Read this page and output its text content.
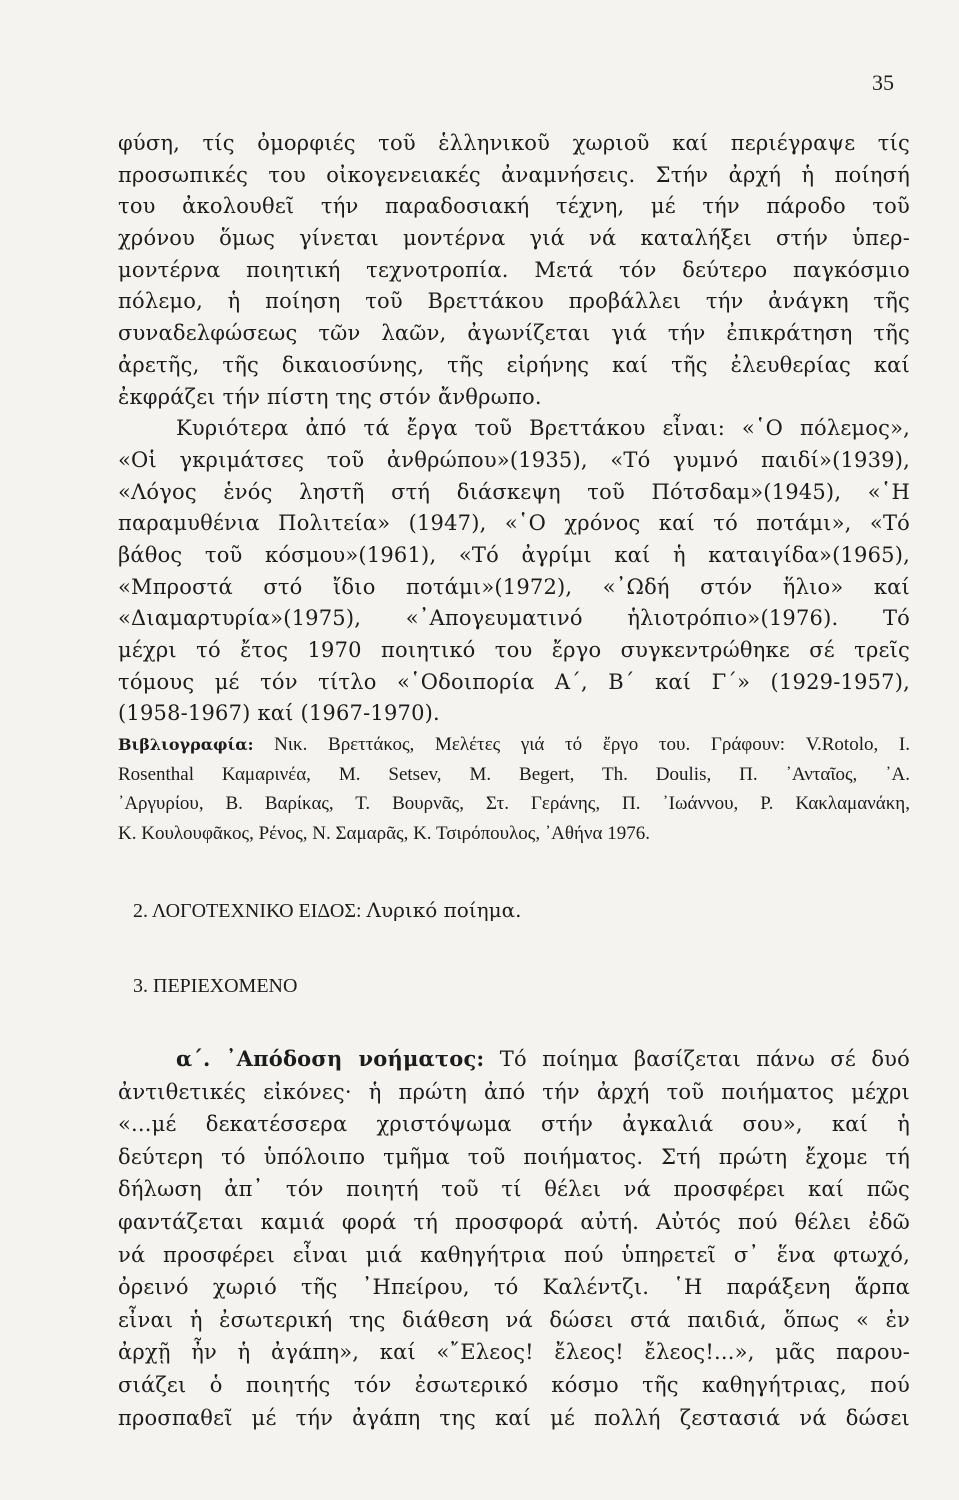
35
φύση, τίς ὀμορφιές τοῦ ἑλληνικοῦ χωριοῦ καί περιέγραψε τίς
προσωπικές του οἰκογενειακές ἀναμνήσεις. Στήν ἀρχή ἡ ποίησή
του ἀκολουθεῖ τήν παραδοσιακή τέχνη, μέ τήν πάροδο τοῦ
χρόνου ὅμως γίνεται μοντέρνα γιά νά καταλήξει στήν ὑπερ-
μοντέρνα ποιητική τεχνοτροπία. Μετά τόν δεύτερο παγκόσμιο
πόλεμο, ἡ ποίηση τοῦ Βρεττάκου προβάλλει τήν ἀνάγκη τῆς
συναδελφώσεως τῶν λαῶν, ἀγωνίζεται γιά τήν ἐπικράτηση τῆς
ἀρετῆς, τῆς δικαιοσύνης, τῆς εἰρήνης καί τῆς ἐλευθερίας καί
ἐκφράζει τήν πίστη της στόν ἄνθρωπο.
Κυριότερα ἀπό τά ἔργα τοῦ Βρεττάκου εἶναι: «῾Ο πόλεμος»,
«Οἱ γκριμάτσες τοῦ ἀνθρώπου»(1935), «Τό γυμνό παιδί»(1939),
«Λόγος ἑνός ληστῆ στή διάσκεψη τοῦ Πότσδαμ»(1945), «῾Η
παραμυθένια Πολιτεία» (1947), «῾Ο χρόνος καί τό ποτάμι», «Τό
βάθος τοῦ κόσμου»(1961), «Τό ἀγρίμι καί ἡ καταιγίδα»(1965),
«Μπροστά στό ἴδιο ποτάμι»(1972), «᾽Ωδή στόν ἥλιο» καί
«Διαμαρτυρία»(1975), «᾽Απογευματινό ἡλιοτρόπιο»(1976). Τό
μέχρι τό ἔτος 1970 ποιητικό του ἔργο συγκεντρώθηκε σέ τρεῖς
τόμους μέ τόν τίτλο «῾Οδοιπορία Α΄, Β΄ καί Γ΄» (1929-1957),
(1958-1967) καί (1967-1970).
Βιβλιογραφία: Νικ. Βρεττάκος, Μελέτες γιά τό ἔργο του. Γράφουν: V.Rotolo, I.
Rosenthal Καμαρινέα, Μ. Setsev, M. Begert, Th. Doulis, Π. ᾽Ανταῖος, ᾽Α.
᾽Αργυρίου, Β. Βαρίκας, Τ. Βουρνᾶς, Στ. Γεράνης, Π. ᾽Ιωάννου, Ρ. Κακλαμανάκη,
Κ. Κουλουφᾶκος, Ρένος, Ν. Σαμαρᾶς, Κ. Τσιρόπουλος, ᾽Αθήνα 1976.
2. ΛΟΓΟΤΕΧΝΙΚΟ ΕΙΔΟΣ: Λυρικό ποίημα.
3. ΠΕΡΙΕΧΟΜΕΝΟ
α΄. ᾽Απόδοση νοήματος: Τό ποίημα βασίζεται πάνω σέ δυό
ἀντιθετικές εἰκόνες· ἡ πρώτη ἀπό τήν ἀρχή τοῦ ποιήματος μέχρι
«...μέ δεκατέσσερα χριστόψωμα στήν ἀγκαλιά σου», καί ἡ
δεύτερη τό ὑπόλοιπο τμῆμα τοῦ ποιήματος. Στή πρώτη ἔχομε τή
δήλωση ἀπ᾽ τόν ποιητή τοῦ τί θέλει νά προσφέρει καί πῶς
φαντάζεται καμιά φορά τή προσφορά αὐτή. Αὐτός πού θέλει ἐδῶ
νά προσφέρει εἶναι μιά καθηγήτρια πού ὑπηρετεῖ σ᾽ ἕνα φτωχό,
ὀρεινό χωριό τῆς ᾽Ηπείρου, τό Καλέντζι. ῾Η παράξενη ἅρπα
εἶναι ἡ ἐσωτερική της διάθεση νά δώσει στά παιδιά, ὅπως « ἐν
ἀρχῇ ἦν ἡ ἀγάπη», καί «῎Ελεος! ἔλεος! ἔλεος!...», μᾶς παρου-
σιάζει ὁ ποιητής τόν ἐσωτερικό κόσμο τῆς καθηγήτριας, πού
προσπαθεῖ μέ τήν ἀγάπη της καί μέ πολλή ζεστασιά νά δώσει
